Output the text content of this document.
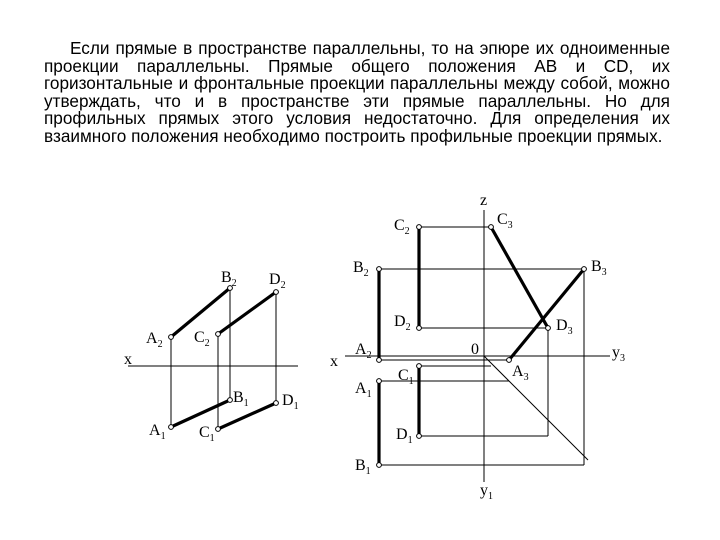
Если прямые в пространстве параллельны, то на эпюре их одноименные проекции параллельны. Прямые общего положения АВ и CD, их горизонтальные и фронтальные проекции параллельны между собой, можно утверждать, что и в пространстве эти прямые параллельны. Но для профильных прямых этого условия недостаточно. Для определения их взаимного положения необходимо построить профильные проекции прямых.

x
$B_2$ $D_2$
$A_2$ $C_2$
$B_1$ $D_1$
$A_1$ $C_1$
x
z
0	$y_3$
$y_1$
$C_2$
$B_2$
$D_2$
$A_2$
$C_1$
$A_1$
$D_1$
$B_1$
$C_3$
$B_3$
$D_3$
$A_3$
